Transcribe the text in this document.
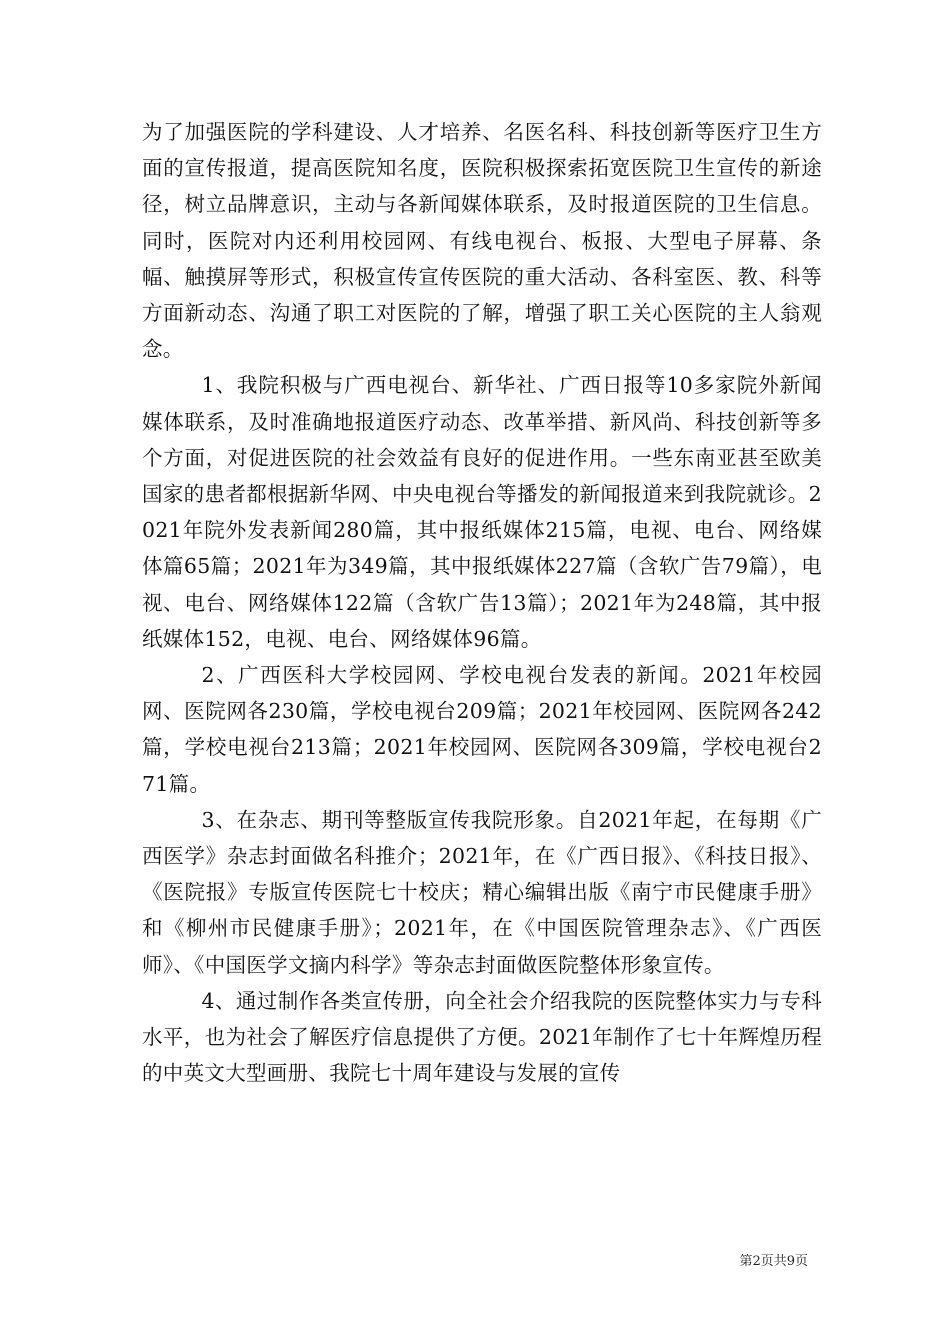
为了加强医院的学科建设、人才培养、名医名科、科技创新等医疗卫生方面的宣传报道，提高医院知名度，医院积极探索拓宽医院卫生宣传的新途径，树立品牌意识，主动与各新闻媒体联系，及时报道医院的卫生信息。同时，医院对内还利用校园网、有线电视台、板报、大型电子屏幕、条幅、触摸屏等形式，积极宣传宣传医院的重大活动、各科室医、教、科等方面新动态、沟通了职工对医院的了解，增强了职工关心医院的主人翁观念。

1、我院积极与广西电视台、新华社、广西日报等10多家院外新闻媒体联系，及时准确地报道医疗动态、改革举措、新风尚、科技创新等多个方面，对促进医院的社会效益有良好的促进作用。一些东南亚甚至欧美国家的患者都根据新华网、中央电视台等播发的新闻报道来到我院就诊。2021年院外发表新闻280篇，其中报纸媒体215篇，电视、电台、网络媒体篇65篇；2021年为349篇，其中报纸媒体227篇（含软广告79篇），电视、电台、网络媒体122篇（含软广告13篇）；2021年为248篇，其中报纸媒体152，电视、电台、网络媒体96篇。

2、广西医科大学校园网、学校电视台发表的新闻。2021年校园网、医院网各230篇，学校电视台209篇；2021年校园网、医院网各242篇，学校电视台213篇；2021年校园网、医院网各309篇，学校电视台271篇。

3、在杂志、期刊等整版宣传我院形象。自2021年起，在每期《广西医学》杂志封面做名科推介；2021年，在《广西日报》、《科技日报》、《医院报》专版宣传医院七十校庆；精心编辑出版《南宁市民健康手册》和《柳州市民健康手册》；2021年，在《中国医院管理杂志》、《广西医师》、《中国医学文摘内科学》等杂志封面做医院整体形象宣传。

4、通过制作各类宣传册，向全社会介绍我院的医院整体实力与专科水平，也为社会了解医疗信息提供了方便。2021年制作了七十年辉煌历程的中英文大型画册、我院七十周年建设与发展的宣传

第2页共9页
